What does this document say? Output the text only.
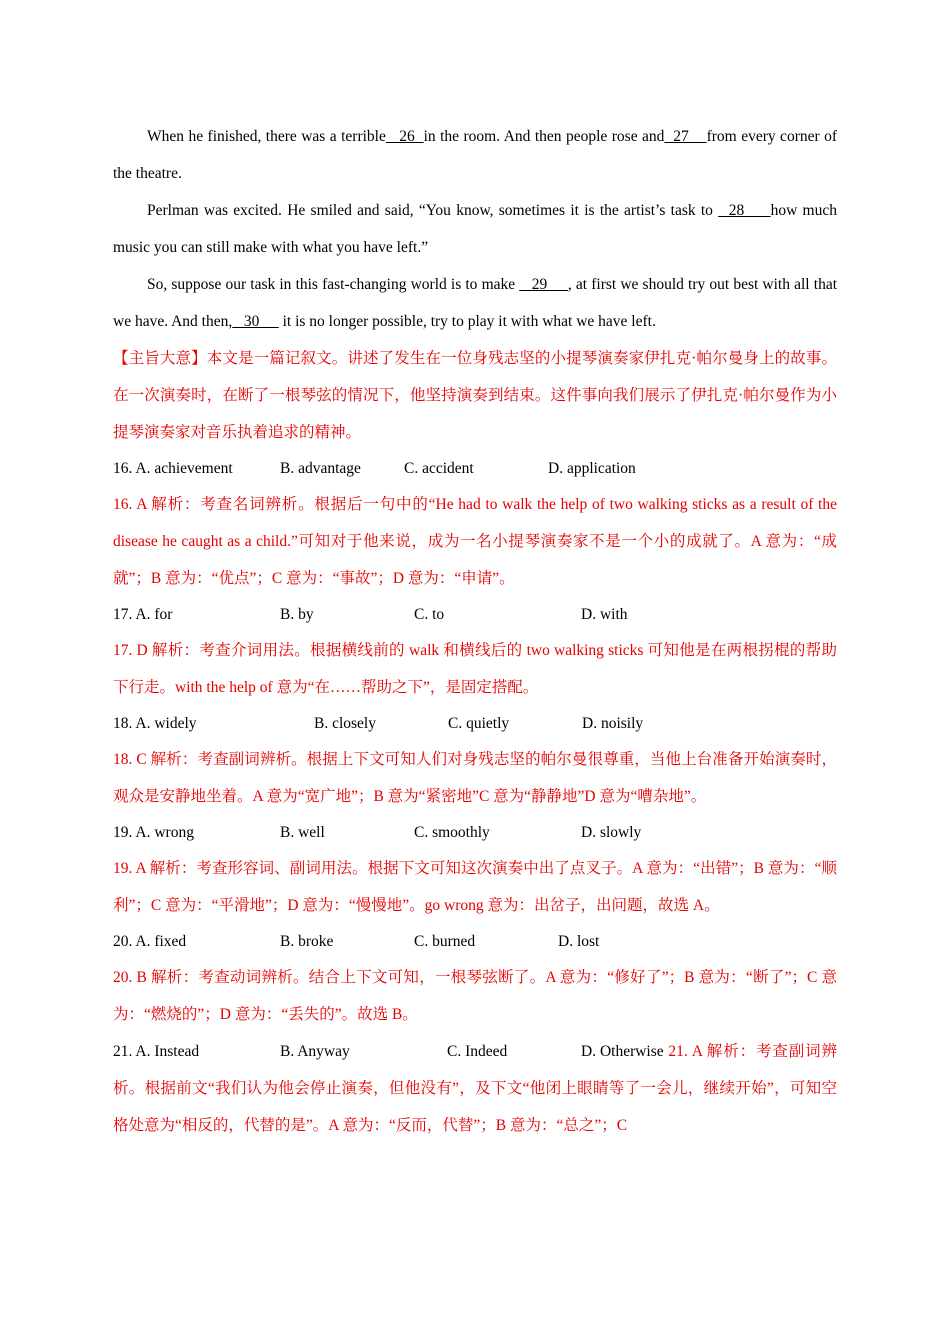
When he finished, there was a terrible   26  in the room. And then people rose and  27    from every corner of the theatre.
Perlman was excited. He smiled and said, “You know, sometimes it is the artist’s task to   28     how much music you can still make with what you have left.”
So, suppose our task in this fast-changing world is to make    29     , at first we should try out best with all that we have. And then,   30      it is no longer possible, try to play it with what we have left.
【主旨大意】本文是一篇记叙文。讲述了发生在一位身残志坚的小提琴演奏家伊扎克·帕尔曼身上的故事。在一次演奏时，在断了一根琴弦的情况下，他坚持演奏到结束。这件事向我们展示了伊扎克·帕尔曼作为小提琴演奏家对音乐执着追求的精神。
16. A. achievement	B. advantage	C. accident	D. application
16. A 解析：考查名词辨析。根据后一句中的“He had to walk the help of two walking sticks as a result of the disease he caught as a child.”可知对于他来说，成为一名小提琴演奏家不是一个小的成就了。A 意为：“成就”；B 意为：“优点”；C 意为：“事故”；D 意为：“申请”。
17. A. for	B. by	C. to	D. with
17. D 解析：考查介词用法。根据横线前的 walk 和横线后的 two walking sticks 可知他是在两根拐棍的帮助下行走。with the help of 意为“在……帮助之下”，是固定搭配。
18. A. widely	B. closely	C. quietly	D. noisily
18. C 解析：考查副词辨析。根据上下文可知人们对身残志坚的帕尔曼很尊重，当他上台准备开始演奏时，观众是安静地坐着。A 意为“宽广地”；B 意为“紧密地”C 意为“静静地”D 意为“嘈杂地”。
19. A. wrong	B. well	C. smoothly	D. slowly
19. A 解析：考查形容词、副词用法。根据下文可知这次演奏中出了点叉子。A 意为：“出错”；B 意为：“顺利”；C 意为：“平滑地”；D 意为：“慢慢地”。go wrong 意为：出岔子，出问题，故选 A。
20. A. fixed	B. broke	C. burned	D. lost
20. B 解析：考查动词辨析。结合上下文可知，一根琴弦断了。A 意为：“修好了”；B 意为：“断了”；C 意为：“燃烧的”；D 意为：“丢失的”。故选 B。
21. A. Instead	B. Anyway	C. Indeed	D. Otherwise 21. A 解析：考查副词辨析。根据前文“我们认为他会停止演奏，但他没有”，及下文“他闭上眼睛等了一会儿，继续开始”，可知空格处意为“相反的，代替的是”。A 意为：“反而，代替”；B 意为：“总之”；C
